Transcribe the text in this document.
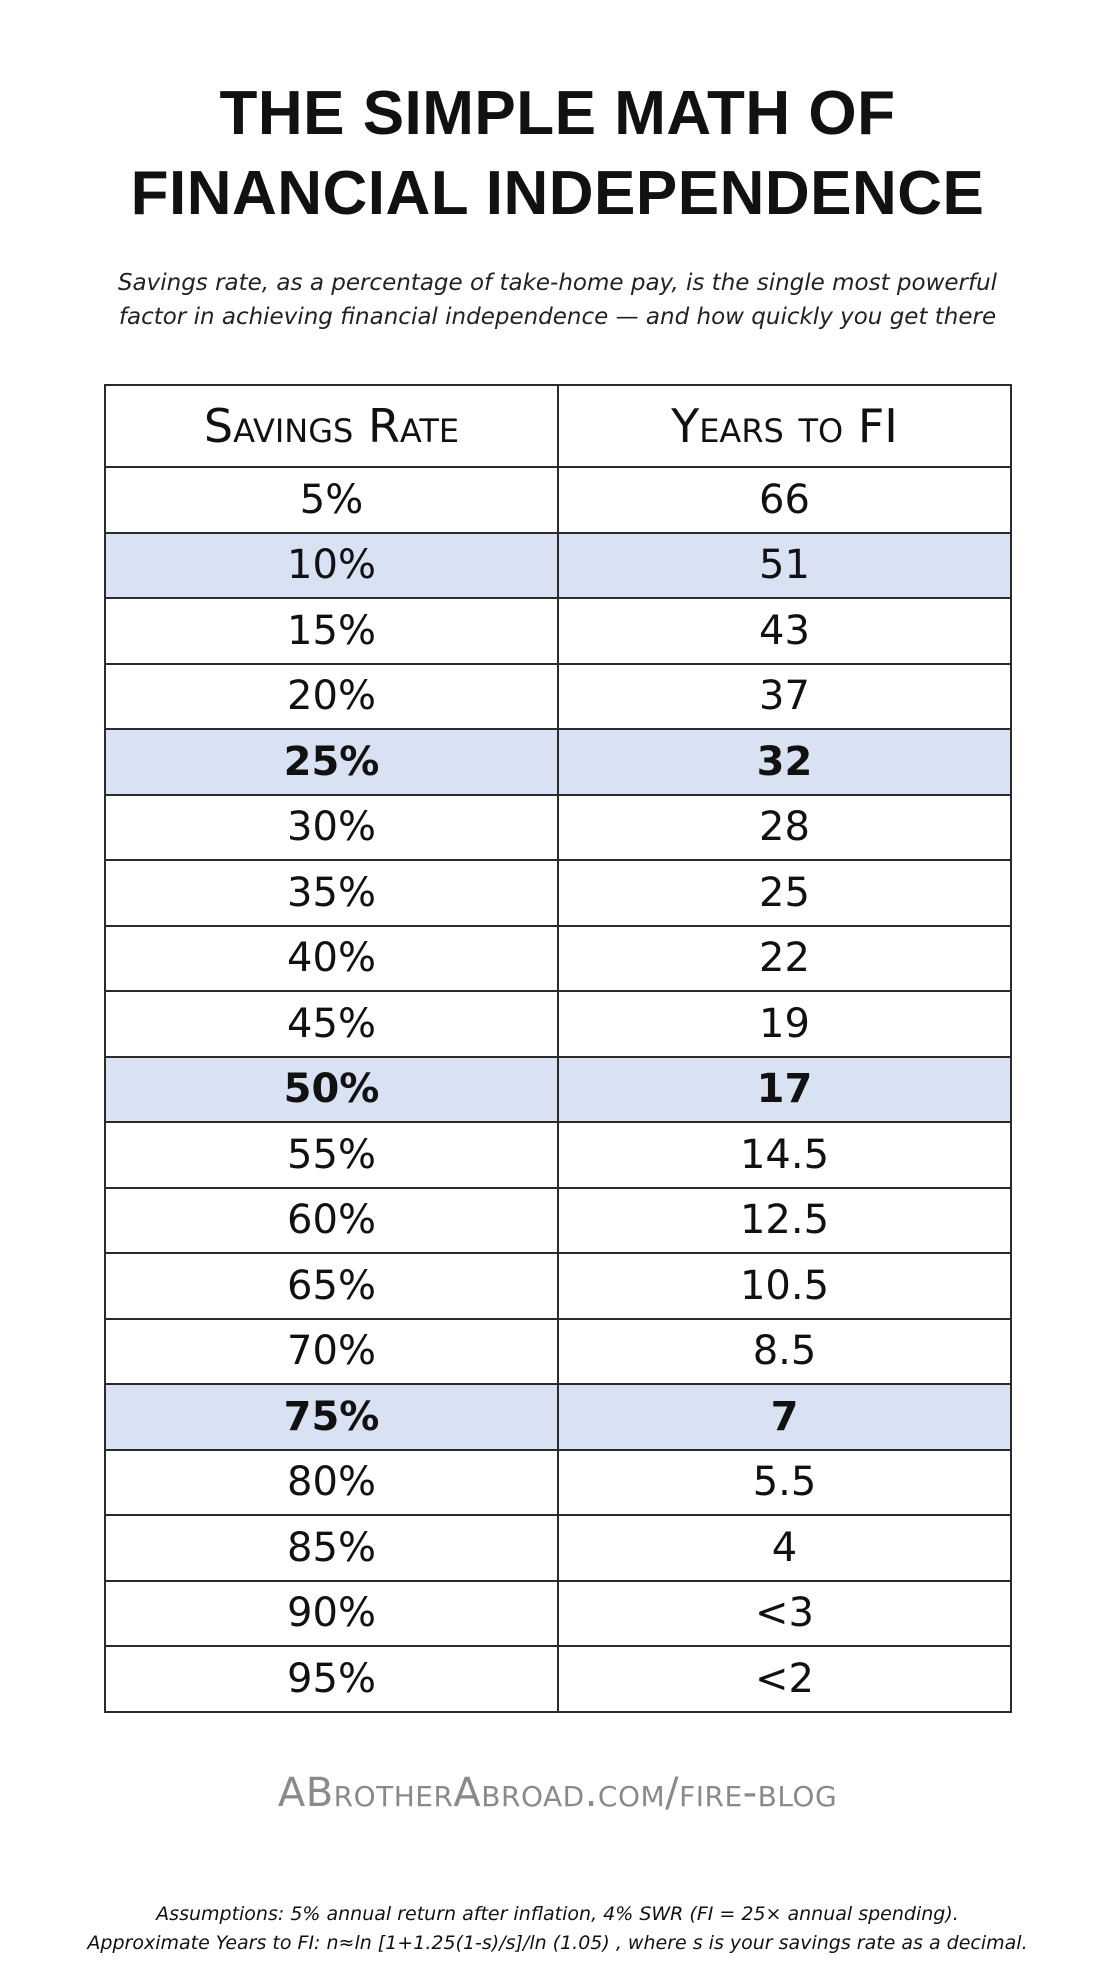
THE SIMPLE MATH OF
FINANCIAL INDEPENDENCE

Savings rate, as a percentage of take-home pay, is the single most powerful
factor in achieving financial independence — and how quickly you get there

Savings Rate	Years to FI
5%	66
10%	51
15%	43
20%	37
25%	32
30%	28
35%	25
40%	22
45%	19
50%	17
55%	14.5
60%	12.5
65%	10.5
70%	8.5
75%	7
80%	5.5
85%	4
90%	<3
95%	<2

ABrotherAbroad.com/fire-blog

Assumptions: 5% annual return after inflation, 4% SWR (FI = 25× annual spending).
Approximate Years to FI: n≈ln [1+1.25(1-s)/s]/ln (1.05) , where s is your savings rate as a decimal.
